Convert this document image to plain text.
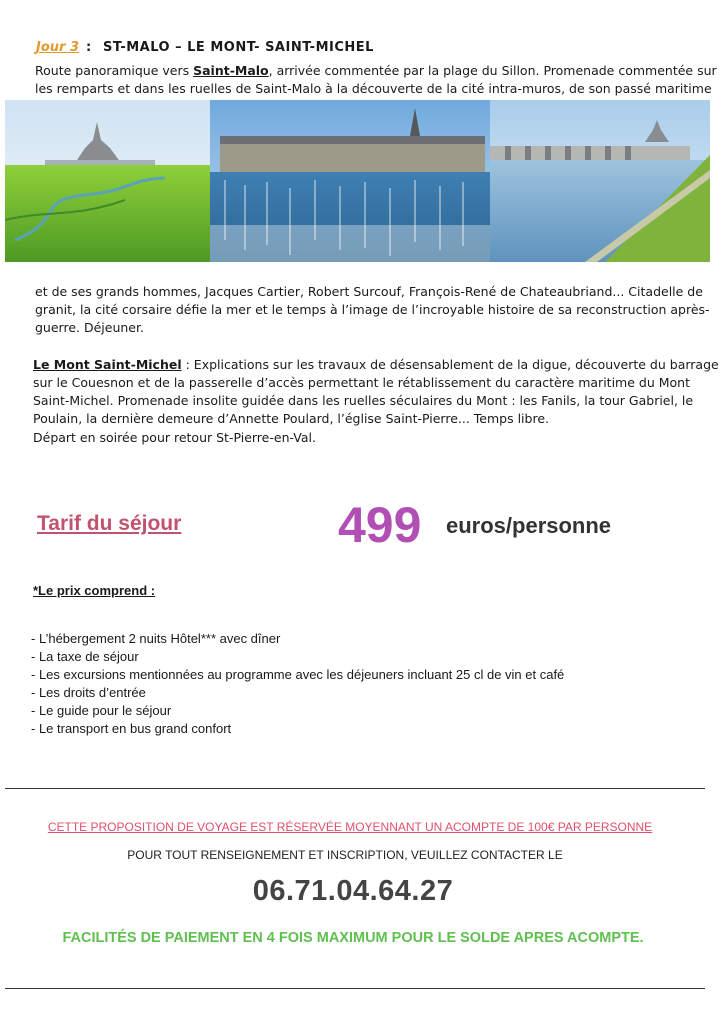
Jour 3 : ST-MALO – LE MONT- SAINT-MICHEL
Route panoramique vers Saint-Malo, arrivée commentée par la plage du Sillon. Promenade commentée sur
les remparts et dans les ruelles de Saint-Malo à la découverte de la cité intra-muros, de son passé maritime
et de ses grands hommes, Jacques Cartier, Robert Surcouf, François-René de Chateaubriand... Citadelle de
granit, la cité corsaire défie la mer et le temps à l’image de l’incroyable histoire de sa reconstruction après-
guerre. Déjeuner.
Le Mont Saint-Michel : Explications sur les travaux de désensablement de la digue, découverte du barrage
sur le Couesnon et de la passerelle d’accès permettant le rétablissement du caractère maritime du Mont
Saint-Michel. Promenade insolite guidée dans les ruelles séculaires du Mont : les Fanils, la tour Gabriel, le
Poulain, la dernière demeure d’Annette Poulard, l’église Saint-Pierre... Temps libre.
Départ en soirée pour retour St-Pierre-en-Val.
Tarif du séjour	499 euros/personne
*Le prix comprend :
- L’hébergement 2 nuits Hôtel*** avec dîner
- La taxe de séjour
- Les excursions mentionnées au programme avec les déjeuners incluant 25 cl de vin et café
- Les droits d’entrée
- Le guide pour le séjour
- Le transport en bus grand confort
CETTE PROPOSITION DE VOYAGE EST RÉSERVÉE MOYENNANT UN ACOMPTE DE 100€ PAR PERSONNE
POUR TOUT RENSEIGNEMENT ET INSCRIPTION, VEUILLEZ CONTACTER LE
06.71.04.64.27
FACILITÉS DE PAIEMENT EN 4 FOIS MAXIMUM POUR LE SOLDE APRES ACOMPTE.
